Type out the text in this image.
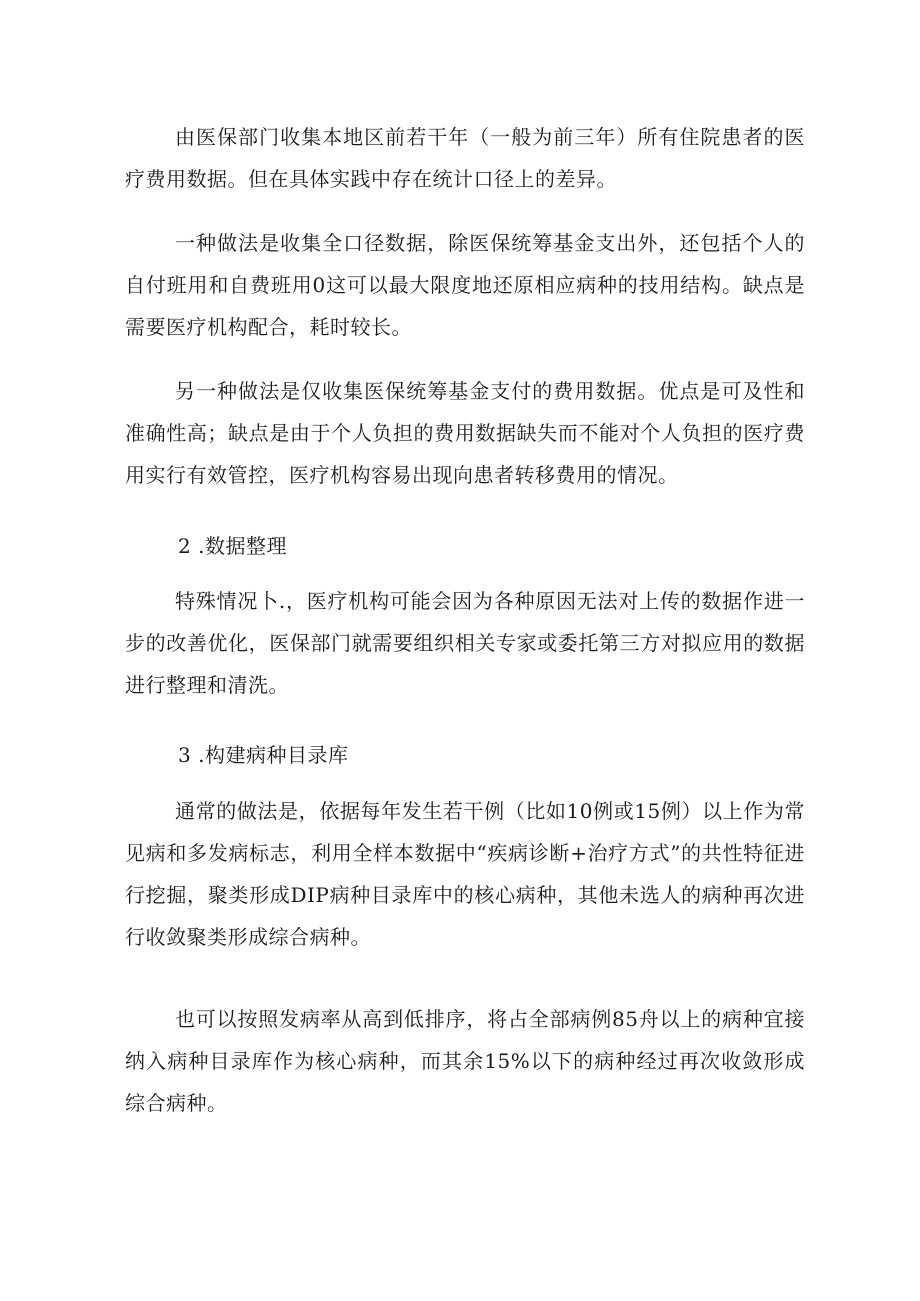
由医保部门收集本地区前若干年（一般为前三年）所有住院患者的医疗费用数据。但在具体实践中存在统计口径上的差异。

一种做法是收集全口径数据，除医保统筹基金支出外，还包括个人的自付班用和自费班用0这可以最大限度地还原相应病种的技用结构。缺点是需要医疗机构配合，耗时较长。

另一种做法是仅收集医保统筹基金支付的费用数据。优点是可及性和准确性高；缺点是由于个人负担的费用数据缺失而不能对个人负担的医疗费用实行有效管控，医疗机构容易出现向患者转移费用的情况。

2 .数据整理

特殊情况卜.，医疗机构可能会因为各种原因无法对上传的数据作进一步的改善优化，医保部门就需要组织相关专家或委托第三方对拟应用的数据进行整理和清洗。

3 .构建病种目录库

通常的做法是，依据每年发生若干例（比如10例或15例）以上作为常见病和多发病标志，利用全样本数据中“疾病诊断+治疗方式”的共性特征进行挖掘，聚类形成DIP病种目录库中的核心病种，其他未选人的病种再次进行收敛聚类形成综合病种。

也可以按照发病率从高到低排序，将占全部病例85舟以上的病种宜接纳入病种目录库作为核心病种，而其余15%以下的病种经过再次收敛形成综合病种。
